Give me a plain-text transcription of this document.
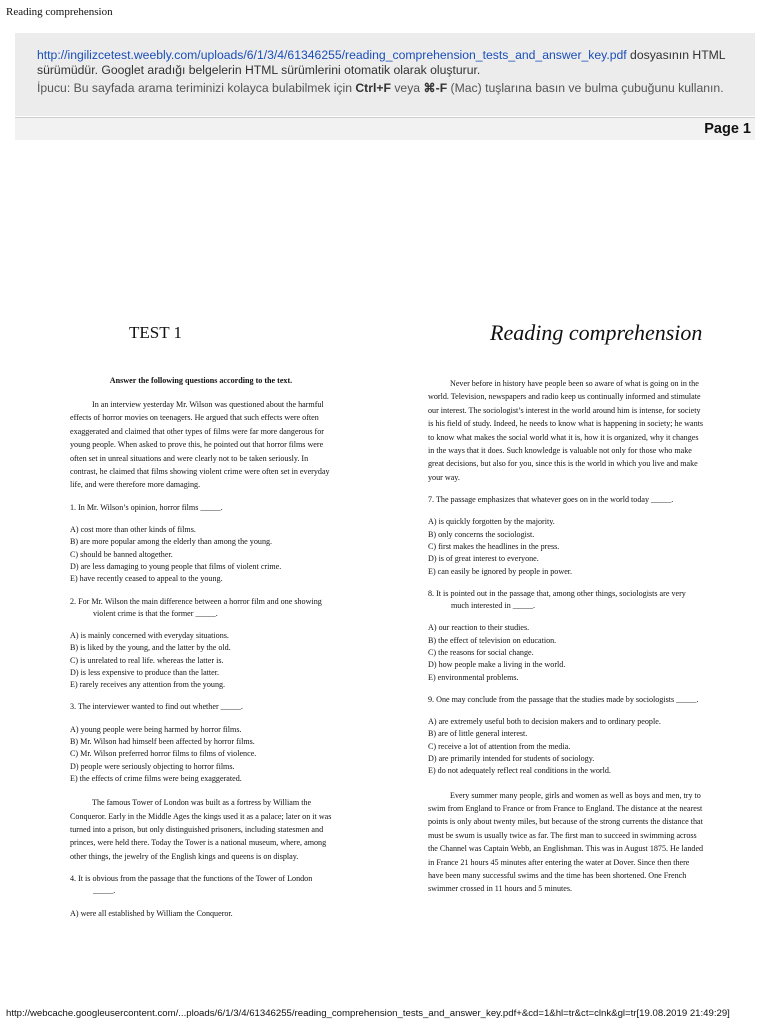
Reading comprehension
http://ingilizcetest.weebly.com/uploads/6/1/3/4/61346255/reading_comprehension_tests_and_answer_key.pdf dosyasının HTML sürümüdür. Googlet aradığı belgelerin HTML sürümlerini otomatik olarak oluşturur.
İpucu: Bu sayfada arama teriminizi kolayca bulabilmek için Ctrl+F veya ⌘-F (Mac) tuşlarına basın ve bulma çubuğunu kullanın.
Page 1
TEST 1	Reading comprehension

Answer the following questions according to the text.

In an interview yesterday Mr. Wilson was questioned about the harmful effects of horror movies on teenagers. He argued that such effects were often exaggerated and claimed that other types of films were far more dangerous for young people. When asked to prove this, he pointed out that horror films were often set in unreal situations and were clearly not to be taken seriously. In contrast, he claimed that films showing violent crime were often set in everyday life, and were therefore more damaging.

1. In Mr. Wilson’s opinion, horror films _____.

A) cost more than other kinds of films.
B) are more popular among the elderly than among the young.
C) should be banned altogether.
D) are less damaging to young people that films of violent crime.
E) have recently ceased to appeal to the young.

2. For Mr. Wilson the main difference between a horror film and one showing violent crime is that the former _____.

A) is mainly concerned with everyday situations.
B) is liked by the young, and the latter by the old.
C) is unrelated to real life. whereas the latter is.
D) is less expensive to produce than the latter.
E) rarely receives any attention from the young.

3. The interviewer wanted to find out whether _____.

A) young people were being harmed by horror films.
B) Mr. Wilson had himself been affected by horror films.
C) Mr. Wilson preferred horror films to films of violence.
D) people were seriously objecting to horror films.
E) the effects of crime films were being exaggerated.

The famous Tower of London was built as a fortress by William the Conqueror. Early in the Middle Ages the kings used it as a palace; later on it was turned into a prison, but only distinguished prisoners, including statesmen and princes, were held there. Today the Tower is a national museum, where, among other things, the jewelry of the English kings and queens is on display.

4. It is obvious from the passage that the functions of the Tower of London _____.

A) were all established by William the Conqueror.

Never before in history have people been so aware of what is going on in the world. Television, newspapers and radio keep us continually informed and stimulate our interest. The sociologist’s interest in the world around him is intense, for society is his field of study. Indeed, he needs to know what is happening in society; he wants to know what makes the social world what it is, how it is organized, why it changes in the ways that it does. Such knowledge is valuable not only for those who make great decisions, but also for you, since this is the world in which you live and make your way.

7. The passage emphasizes that whatever goes on in the world today _____.

A) is quickly forgotten by the majority.
B) only concerns the sociologist.
C) first makes the headlines in the press.
D) is of great interest to everyone.
E) can easily be ignored by people in power.

8. It is pointed out in the passage that, among other things, sociologists are very much interested in _____.

A) our reaction to their studies.
B) the effect of television on education.
C) the reasons for social change.
D) how people make a living in the world.
E) environmental problems.

9. One may conclude from the passage that the studies made by sociologists _____.

A) are extremely useful both to decision makers and to ordinary people.
B) are of little general interest.
C) receive a lot of attention from the media.
D) are primarily intended for students of sociology.
E) do not adequately reflect real conditions in the world.

Every summer many people, girls and women as well as boys and men, try to swim from England to France or from France to England. The distance at the nearest points is only about twenty miles, but because of the strong currents the distance that must be swum is usually twice as far. The first man to succeed in swimming across the Channel was Captain Webb, an Englishman. This was in August 1875. He landed in France 21 hours 45 minutes after entering the water at Dover. Since then there have been many successful swims and the time has been shortened. One French swimmer crossed in 11 hours and 5 minutes.

http://webcache.googleusercontent.com/...ploads/6/1/3/4/61346255/reading_comprehension_tests_and_answer_key.pdf+&cd=1&hl=tr&ct=clnk&gl=tr[19.08.2019 21:49:29]
